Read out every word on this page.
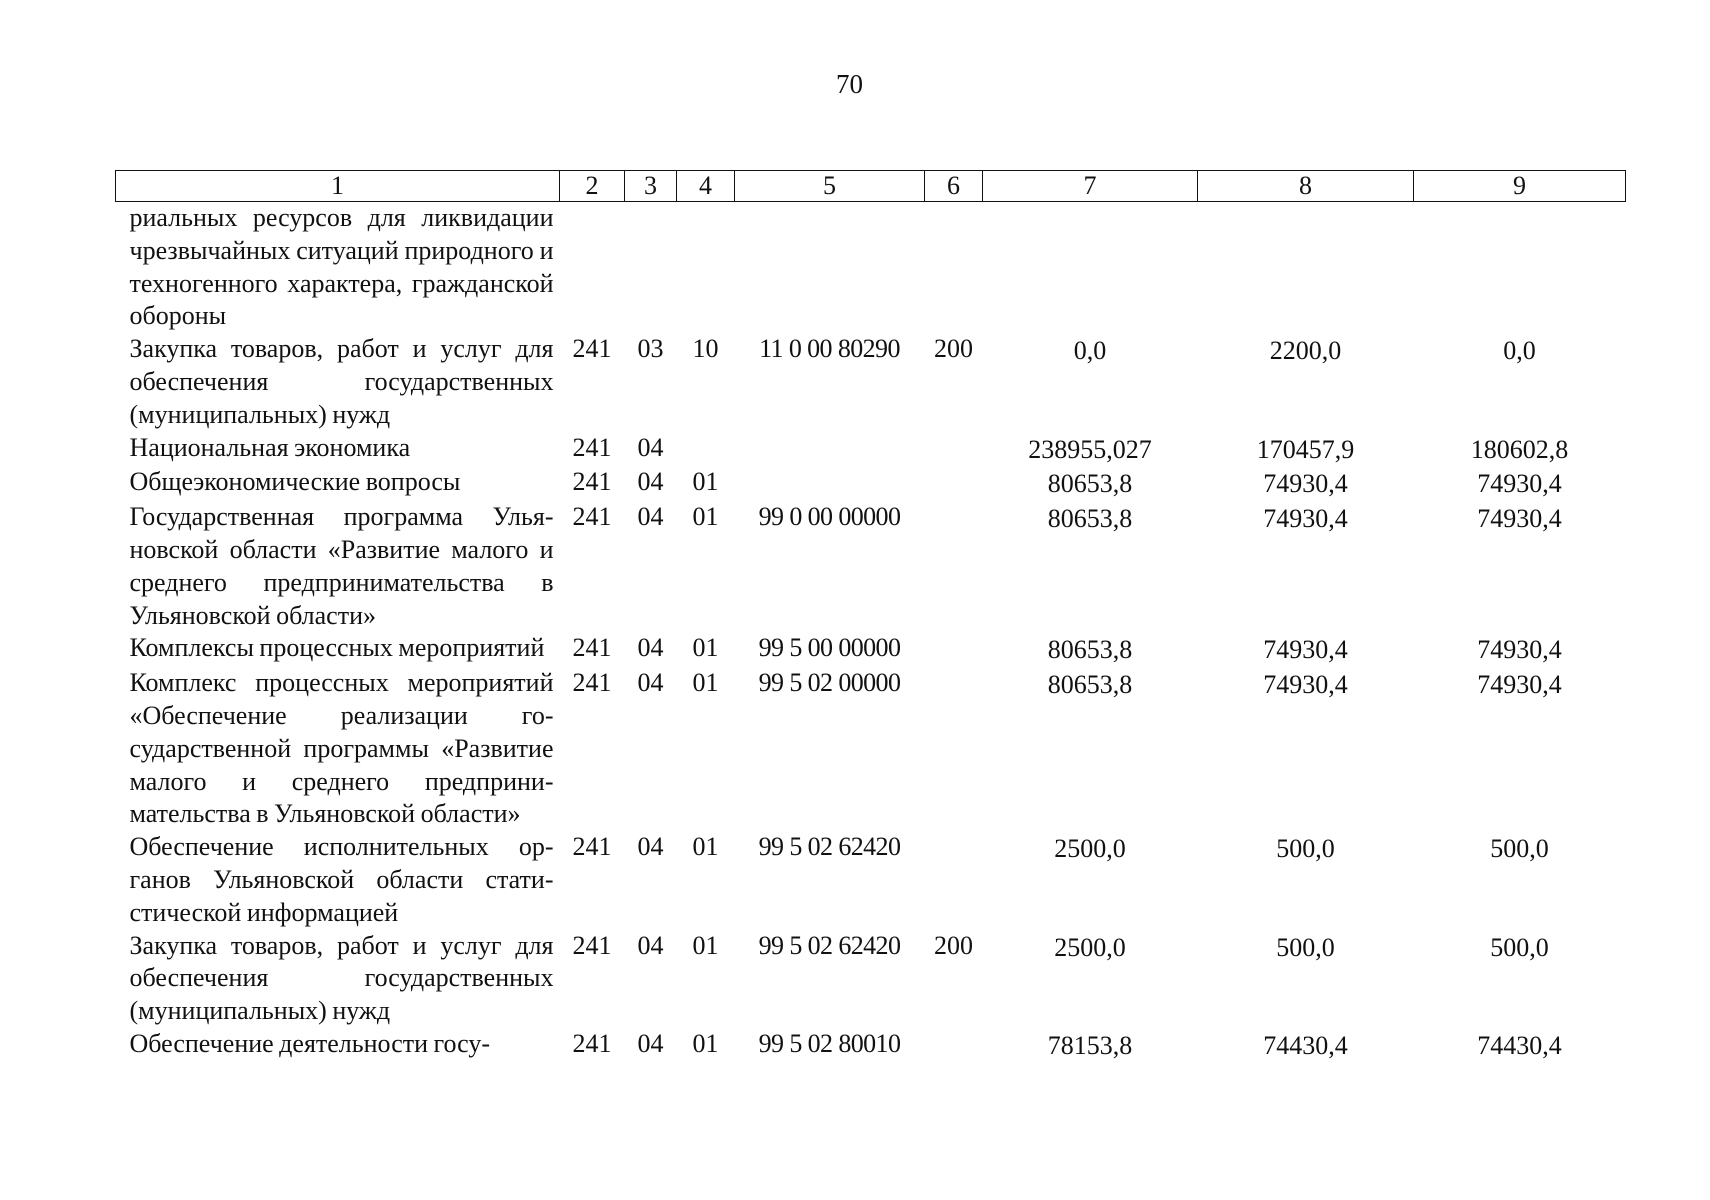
70
1	2	3	4	5	6	7	8	9
риальных ресурсов для ликвидации чрезвычайных ситуаций природного и техногенного характера, гражданской обороны								
Закупка товаров, работ и услуг для обеспечения государственных (муниципальных) нужд	241	03	10	11 0 00 80290	200	0,0	2200,0	0,0
Национальная экономика	241	04				238955,027	170457,9	180602,8
Общеэкономические вопросы	241	04	01			80653,8	74930,4	74930,4
Государственная программа Ульяновской области «Развитие малого и среднего предпринимательства в Ульяновской области»	241	04	01	99 0 00 00000		80653,8	74930,4	74930,4
Комплексы процессных мероприятий	241	04	01	99 5 00 00000		80653,8	74930,4	74930,4
Комплекс процессных мероприятий «Обеспечение реализации государственной программы «Развитие малого и среднего предпринимательства в Ульяновской области»	241	04	01	99 5 02 00000		80653,8	74930,4	74930,4
Обеспечение исполнительных органов Ульяновской области статистической информацией	241	04	01	99 5 02 62420		2500,0	500,0	500,0
Закупка товаров, работ и услуг для обеспечения государственных (муниципальных) нужд	241	04	01	99 5 02 62420	200	2500,0	500,0	500,0
Обеспечение деятельности госу-	241	04	01	99 5 02 80010		78153,8	74430,4	74430,4
